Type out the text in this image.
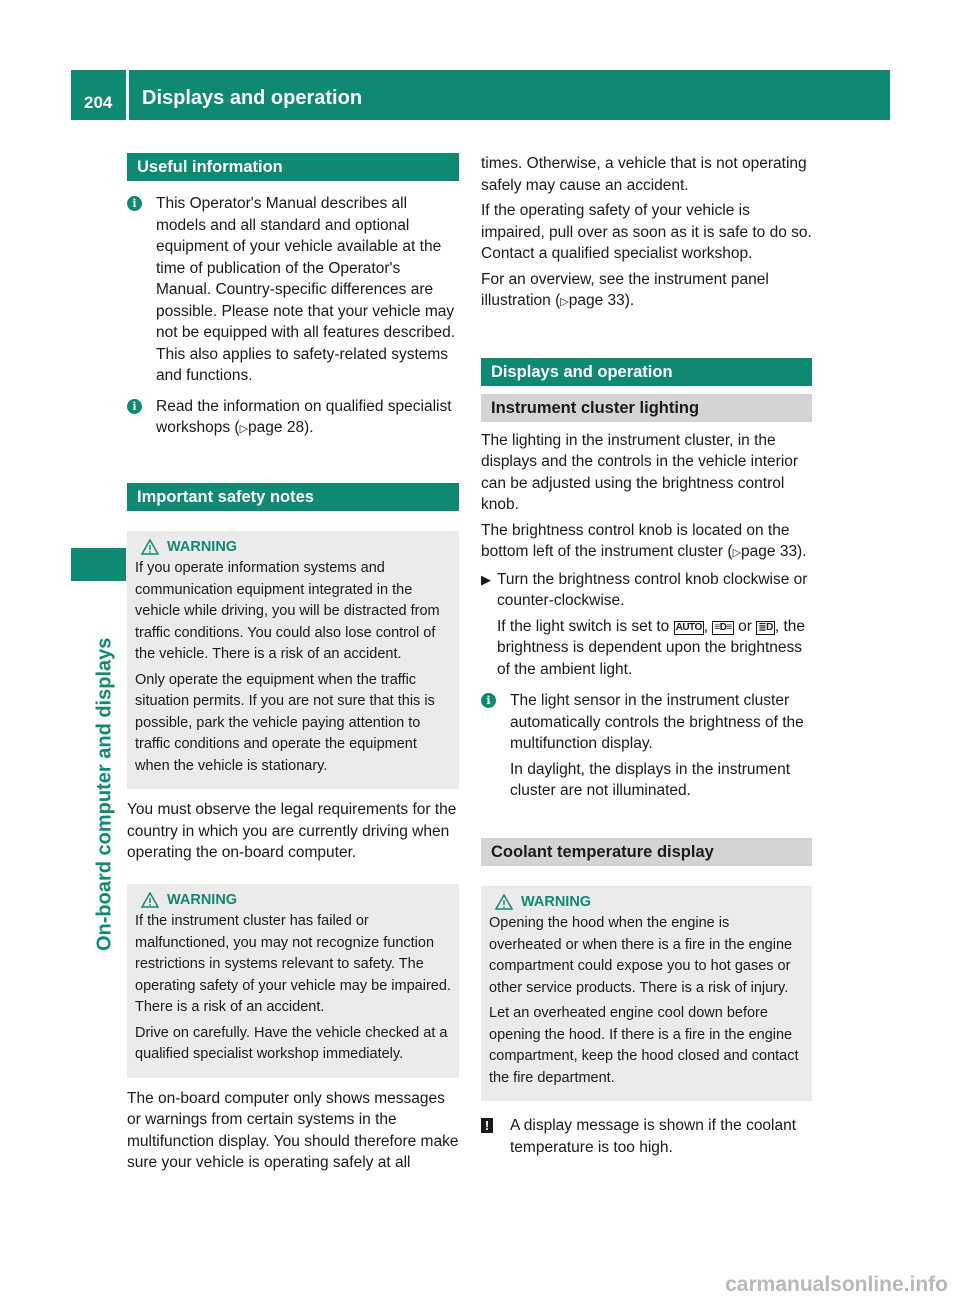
204 Displays and operation
On-board computer and displays
Useful information
i	This Operator's Manual describes all models and all standard and optional equipment of your vehicle available at the time of publication of the Operator's Manual. Country-specific differences are possible. Please note that your vehicle may not be equipped with all features described. This also applies to safety-related systems and functions.
i	Read the information on qualified specialist workshops (▷page 28).
Important safety notes
WARNING

If you operate information systems and communication equipment integrated in the vehicle while driving, you will be distracted from traffic conditions. You could also lose control of the vehicle. There is a risk of an accident.

Only operate the equipment when the traffic situation permits. If you are not sure that this is possible, park the vehicle paying attention to traffic conditions and operate the equipment when the vehicle is stationary.

You must observe the legal requirements for the country in which you are currently driving when operating the on-board computer.

WARNING

If the instrument cluster has failed or malfunctioned, you may not recognize function restrictions in systems relevant to safety. The operating safety of your vehicle may be impaired. There is a risk of an accident.

Drive on carefully. Have the vehicle checked at a qualified specialist workshop immediately.

The on-board computer only shows messages or warnings from certain systems in the multifunction display. You should therefore make sure your vehicle is operating safely at all

times. Otherwise, a vehicle that is not operating safely may cause an accident.

If the operating safety of your vehicle is impaired, pull over as soon as it is safe to do so. Contact a qualified specialist workshop.

For an overview, see the instrument panel illustration (▷page 33).

Displays and operation
Instrument cluster lighting

The lighting in the instrument cluster, in the displays and the controls in the vehicle interior can be adjusted using the brightness control knob.

The brightness control knob is located on the bottom left of the instrument cluster (▷page 33).

▶ Turn the brightness control knob clockwise or counter-clockwise.

If the light switch is set to AUTO , ≡D≡ or ≣D , the brightness is dependent upon the brightness of the ambient light.

i	The light sensor in the instrument cluster automatically controls the brightness of the multifunction display.

In daylight, the displays in the instrument cluster are not illuminated.

Coolant temperature display
WARNING

Opening the hood when the engine is overheated or when there is a fire in the engine compartment could expose you to hot gases or other service products. There is a risk of injury.

Let an overheated engine cool down before opening the hood. If there is a fire in the engine compartment, keep the hood closed and contact the fire department.

!	A display message is shown if the coolant temperature is too high.
carmanualsonline.info
